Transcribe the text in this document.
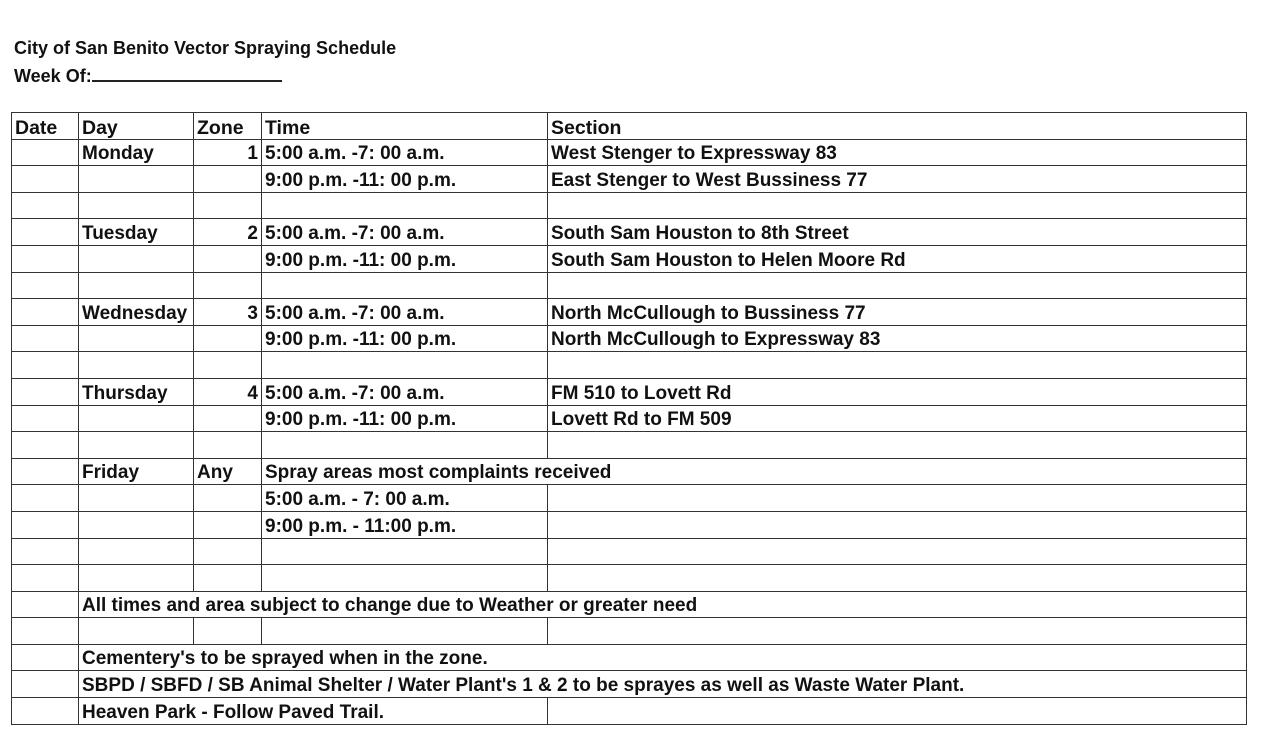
City of San Benito Vector Spraying Schedule
Week Of:
Date	Day	Zone	Time	Section
	Monday	1	5:00 a.m. -7: 00 a.m.	West Stenger to Expressway 83
			9:00 p.m. -11: 00 p.m.	East Stenger to West Bussiness 77

	Tuesday	2	5:00 a.m. -7: 00 a.m.	South Sam Houston to 8th Street
			9:00 p.m. -11: 00 p.m.	South Sam Houston to Helen Moore Rd

	Wednesday	3	5:00 a.m. -7: 00 a.m.	North McCullough to Bussiness 77
			9:00 p.m. -11: 00 p.m.	North McCullough to Expressway 83

	Thursday	4	5:00 a.m. -7: 00 a.m.	FM 510 to Lovett Rd
			9:00 p.m. -11: 00 p.m.	Lovett Rd to FM 509

	Friday	Any	Spray areas most complaints received	
			5:00 a.m. - 7: 00 a.m.	
			9:00 p.m. - 11:00 p.m.	

	All times and area subject to change due to Weather or greater need			

	Cementery's to be sprayed when in the zone.			
	SBPD / SBFD / SB Animal Shelter / Water Plant's 1 & 2 to be sprayes as well as Waste Water Plant.			
	Heaven Park - Follow Paved Trail.			
